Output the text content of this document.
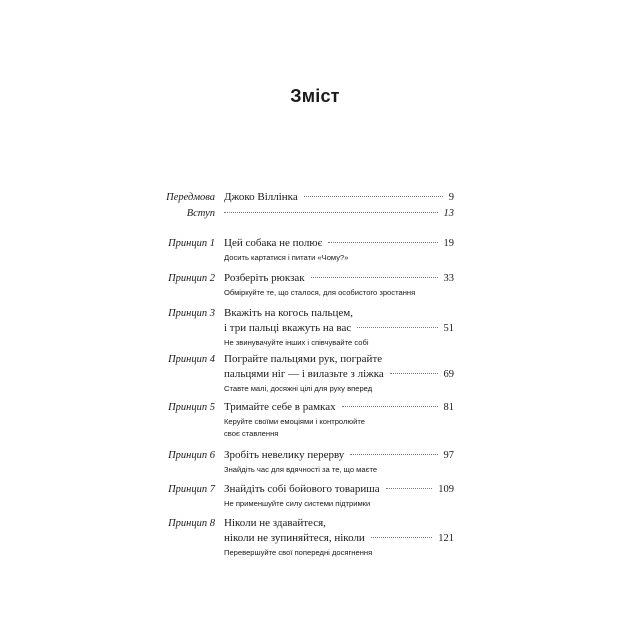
Зміст
Передмова Джоко Віллінка	9
Вступ	13
Принцип 1 Цей собака не полює	19
Досить картатися і питати «Чому?»
Принцип 2 Розберіть рюкзак	33
Обміркуйте те, що сталося, для особистого зростання
Принцип 3 Вкажіть на когось пальцем,
і три пальці вкажуть на вас	51
Не звинувачуйте інших і співчувайте собі
Принцип 4 Пограйте пальцями рук, пограйте
пальцями ніг — і вилазьте з ліжка	69
Ставте малі, досяжні цілі для руху вперед
Принцип 5 Тримайте себе в рамках	81
Керуйте своїми емоціями і контролюйте
своє ставлення
Принцип 6 Зробіть невелику перерву	97
Знайдіть час для вдячності за те, що маєте
Принцип 7 Знайдіть собі бойового товариша	109
Не применшуйте силу системи підтримки
Принцип 8 Ніколи не здавайтеся,
ніколи не зупиняйтеся, ніколи	121
Перевершуйте свої попередні досягнення
